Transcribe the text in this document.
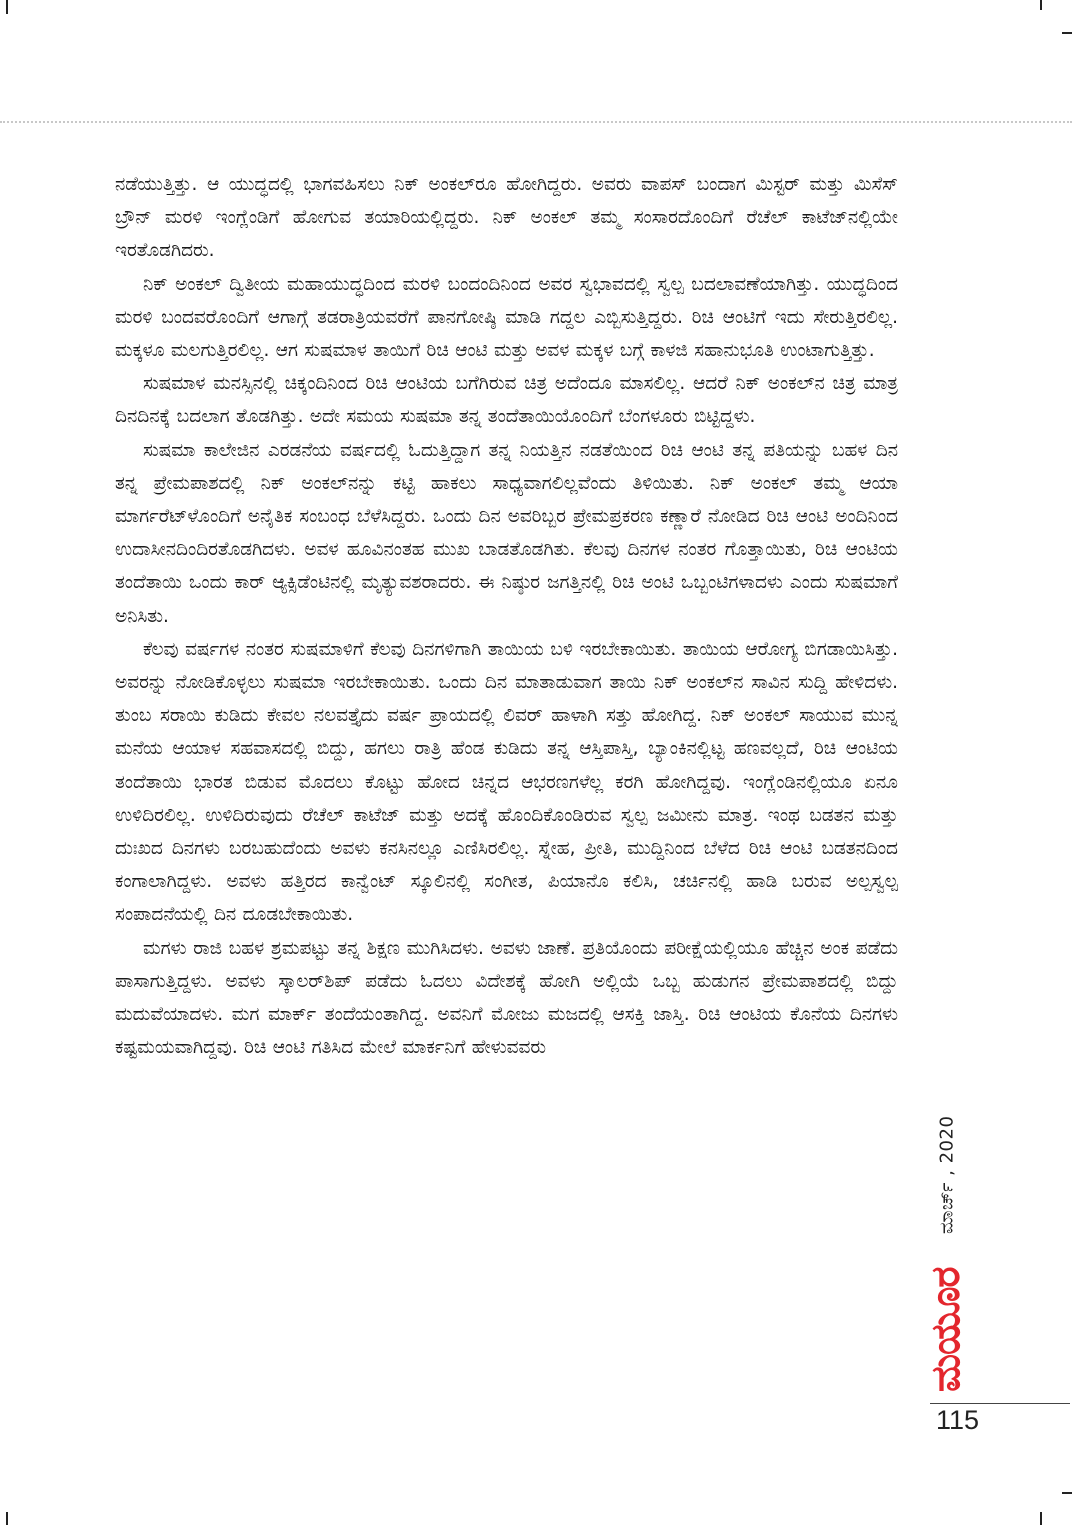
ನಡೆಯುತ್ತಿತ್ತು. ಆ ಯುದ್ಧದಲ್ಲಿ ಭಾಗವಹಿಸಲು ನಿಕ್ ಅಂಕಲ್‌ರೂ ಹೋಗಿದ್ದರು. ಅವರು ವಾಪಸ್ ಬಂದಾಗ ಮಿಸ್ಟರ್ ಮತ್ತು ಮಿಸೆಸ್ ಬ್ರೌನ್ ಮರಳಿ ಇಂಗ್ಲೆಂಡಿಗೆ ಹೋಗುವ ತಯಾರಿಯಲ್ಲಿದ್ದರು. ನಿಕ್ ಅಂಕಲ್ ತಮ್ಮ ಸಂಸಾರದೊಂದಿಗೆ ರೆಚೆಲ್ ಕಾಟೆಜ್‌ನಲ್ಲಿಯೇ ಇರತೊಡಗಿದರು.

ನಿಕ್ ಅಂಕಲ್ ದ್ವಿತೀಯ ಮಹಾಯುದ್ಧದಿಂದ ಮರಳಿ ಬಂದಂದಿನಿಂದ ಅವರ ಸ್ವಭಾವದಲ್ಲಿ ಸ್ವಲ್ಪ ಬದಲಾವಣೆಯಾಗಿತ್ತು. ಯುದ್ಧದಿಂದ ಮರಳಿ ಬಂದವರೊಂದಿಗೆ ಆಗಾಗ್ಗೆ ತಡರಾತ್ರಿಯವರೆಗೆ ಪಾನಗೋಷ್ಠಿ ಮಾಡಿ ಗದ್ದಲ ಎಬ್ಬಿಸುತ್ತಿದ್ದರು. ರಿಚಿ ಆಂಟಿಗೆ ಇದು ಸೇರುತ್ತಿರಲಿಲ್ಲ. ಮಕ್ಕಳೂ ಮಲಗುತ್ತಿರಲಿಲ್ಲ. ಆಗ ಸುಷಮಾಳ ತಾಯಿಗೆ ರಿಚಿ ಆಂಟಿ ಮತ್ತು ಅವಳ ಮಕ್ಕಳ ಬಗ್ಗೆ ಕಾಳಜಿ ಸಹಾನುಭೂತಿ ಉಂಟಾಗುತ್ತಿತ್ತು.

ಸುಷಮಾಳ ಮನಸ್ಸಿನಲ್ಲಿ ಚಿಕ್ಕಂದಿನಿಂದ ರಿಚಿ ಆಂಟಿಯ ಬಗೆಗಿರುವ ಚಿತ್ರ ಅದೆಂದೂ ಮಾಸಲಿಲ್ಲ. ಆದರೆ ನಿಕ್ ಅಂಕಲ್‌ನ ಚಿತ್ರ ಮಾತ್ರ ದಿನದಿನಕ್ಕೆ ಬದಲಾಗ ತೊಡಗಿತ್ತು. ಅದೇ ಸಮಯ ಸುಷಮಾ ತನ್ನ ತಂದೆತಾಯಿಯೊಂದಿಗೆ ಬೆಂಗಳೂರು ಬಿಟ್ಟಿದ್ದಳು.

ಸುಷಮಾ ಕಾಲೇಜಿನ ಎರಡನೆಯ ವರ್ಷದಲ್ಲಿ ಓದುತ್ತಿದ್ದಾಗ ತನ್ನ ನಿಯತ್ತಿನ ನಡತೆಯಿಂದ ರಿಚಿ ಆಂಟಿ ತನ್ನ ಪತಿಯನ್ನು ಬಹಳ ದಿನ ತನ್ನ ಪ್ರೇಮಪಾಶದಲ್ಲಿ ನಿಕ್ ಅಂಕಲ್‌ನನ್ನು ಕಟ್ಟಿ ಹಾಕಲು ಸಾಧ್ಯವಾಗಲಿಲ್ಲವೆಂದು ತಿಳಿಯಿತು. ನಿಕ್ ಅಂಕಲ್ ತಮ್ಮ ಆಯಾ ಮಾರ್ಗರೆಟ್‌ಳೊಂದಿಗೆ ಅನೈತಿಕ ಸಂಬಂಧ ಬೆಳೆಸಿದ್ದರು. ಒಂದು ದಿನ ಅವರಿಬ್ಬರ ಪ್ರೇಮಪ್ರಕರಣ ಕಣ್ಣಾರೆ ನೋಡಿದ ರಿಚಿ ಆಂಟಿ ಅಂದಿನಿಂದ ಉದಾಸೀನದಿಂದಿರತೊಡಗಿದಳು. ಅವಳ ಹೂವಿನಂತಹ ಮುಖ ಬಾಡತೊಡಗಿತು. ಕೆಲವು ದಿನಗಳ ನಂತರ ಗೊತ್ತಾಯಿತು, ರಿಚಿ ಆಂಟಿಯ ತಂದೆತಾಯಿ ಒಂದು ಕಾರ್ ಆ್ಯಕ್ಸಿಡೆಂಟಿನಲ್ಲಿ ಮೃತ್ಯುವಶರಾದರು. ಈ ನಿಷ್ಠುರ ಜಗತ್ತಿನಲ್ಲಿ ರಿಚಿ ಅಂಟಿ ಒಬ್ಬಂಟಿಗಳಾದಳು ಎಂದು ಸುಷಮಾಗೆ ಅನಿಸಿತು.

ಕೆಲವು ವರ್ಷಗಳ ನಂತರ ಸುಷಮಾಳಿಗೆ ಕೆಲವು ದಿನಗಳಿಗಾಗಿ ತಾಯಿಯ ಬಳಿ ಇರಬೇಕಾಯಿತು. ತಾಯಿಯ ಆರೋಗ್ಯ ಬಿಗಡಾಯಿಸಿತ್ತು. ಅವರನ್ನು ನೋಡಿಕೊಳ್ಳಲು ಸುಷಮಾ ಇರಬೇಕಾಯಿತು. ಒಂದು ದಿನ ಮಾತಾಡುವಾಗ ತಾಯಿ ನಿಕ್ ಅಂಕಲ್‌ನ ಸಾವಿನ ಸುದ್ದಿ ಹೇಳಿದಳು. ತುಂಬ ಸರಾಯಿ ಕುಡಿದು ಕೇವಲ ನಲವತ್ತೈದು ವರ್ಷ ಪ್ರಾಯದಲ್ಲಿ ಲಿವರ್ ಹಾಳಾಗಿ ಸತ್ತು ಹೋಗಿದ್ದ. ನಿಕ್ ಅಂಕಲ್ ಸಾಯುವ ಮುನ್ನ ಮನೆಯ ಆಯಾಳ ಸಹವಾಸದಲ್ಲಿ ಬಿದ್ದು, ಹಗಲು ರಾತ್ರಿ ಹೆಂಡ ಕುಡಿದು ತನ್ನ ಆಸ್ತಿಪಾಸ್ತಿ, ಬ್ಯಾಂಕಿನಲ್ಲಿಟ್ಟ ಹಣವಲ್ಲದೆ, ರಿಚಿ ಆಂಟಿಯ ತಂದೆತಾಯಿ ಭಾರತ ಬಿಡುವ ಮೊದಲು ಕೊಟ್ಟು ಹೋದ ಚಿನ್ನದ ಆಭರಣಗಳೆಲ್ಲ ಕರಗಿ ಹೋಗಿದ್ದವು. ಇಂಗ್ಲೆಂಡಿನಲ್ಲಿಯೂ ಏನೂ ಉಳಿದಿರಲಿಲ್ಲ. ಉಳಿದಿರುವುದು ರೆಚೆಲ್ ಕಾಟೆಜ್ ಮತ್ತು ಅದಕ್ಕೆ ಹೊಂದಿಕೊಂಡಿರುವ ಸ್ವಲ್ಪ ಜಮೀನು ಮಾತ್ರ. ಇಂಥ ಬಡತನ ಮತ್ತು ದುಃಖದ ದಿನಗಳು ಬರಬಹುದೆಂದು ಅವಳು ಕನಸಿನಲ್ಲೂ ಎಣಿಸಿರಲಿಲ್ಲ. ಸ್ನೇಹ, ಪ್ರೀತಿ, ಮುದ್ದಿನಿಂದ ಬೆಳೆದ ರಿಚಿ ಆಂಟಿ ಬಡತನದಿಂದ ಕಂಗಾಲಾಗಿದ್ದಳು. ಅವಳು ಹತ್ತಿರದ ಕಾನ್ವೆಂಟ್ ಸ್ಕೂಲಿನಲ್ಲಿ ಸಂಗೀತ, ಪಿಯಾನೊ ಕಲಿಸಿ, ಚರ್ಚಿನಲ್ಲಿ ಹಾಡಿ ಬರುವ ಅಲ್ಪಸ್ವಲ್ಪ ಸಂಪಾದನೆಯಲ್ಲಿ ದಿನ ದೂಡಬೇಕಾಯಿತು.

ಮಗಳು ರಾಜಿ ಬಹಳ ಶ್ರಮಪಟ್ಟು ತನ್ನ ಶಿಕ್ಷಣ ಮುಗಿಸಿದಳು. ಅವಳು ಜಾಣೆ. ಪ್ರತಿಯೊಂದು ಪರೀಕ್ಷೆಯಲ್ಲಿಯೂ ಹೆಚ್ಚಿನ ಅಂಕ ಪಡೆದು ಪಾಸಾಗುತ್ತಿದ್ದಳು. ಅವಳು ಸ್ಕಾಲರ್‌ಶಿಪ್ ಪಡೆದು ಓದಲು ವಿದೇಶಕ್ಕೆ ಹೋಗಿ ಅಲ್ಲಿಯೆ ಒಬ್ಬ ಹುಡುಗನ ಪ್ರೇಮಪಾಶದಲ್ಲಿ ಬಿದ್ದು ಮದುವೆಯಾದಳು. ಮಗ ಮಾರ್ಕ್ ತಂದೆಯಂತಾಗಿದ್ದ. ಅವನಿಗೆ ಮೋಜು ಮಜದಲ್ಲಿ ಆಸಕ್ತಿ ಜಾಸ್ತಿ. ರಿಚಿ ಆಂಟಿಯ ಕೊನೆಯ ದಿನಗಳು ಕಷ್ಟಮಯವಾಗಿದ್ದವು. ರಿಚಿ ಆಂಟಿ ಗತಿಸಿದ ಮೇಲೆ ಮಾರ್ಕನಿಗೆ ಹೇಳುವವರು

ಮಾರ್ಚ್ , 2020
ಮಯೂರ
115
